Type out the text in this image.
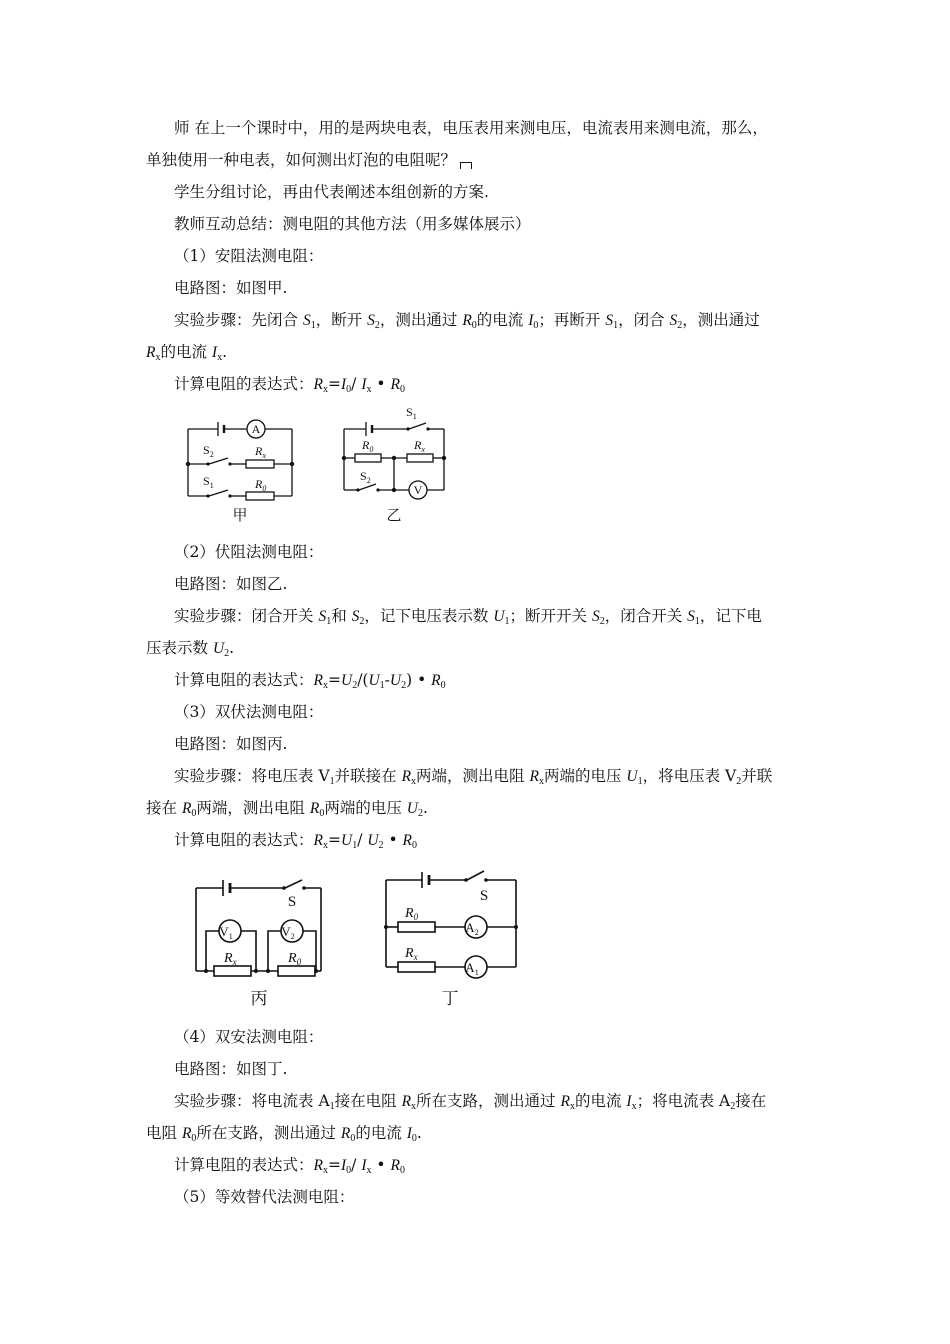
师 在上一个课时中，用的是两块电表，电压表用来测电压，电流表用来测电流，那么，
单独使用一种电表，如何测出灯泡的电阻呢？
学生分组讨论，再由代表阐述本组创新的方案.
教师互动总结：测电阻的其他方法（用多媒体展示）
（1）安阻法测电阻：
电路图：如图甲.
实验步骤：先闭合 $S_1$，断开 $S_2$，测出通过 $R_0$的电流 $I_0$；再断开 $S_1$，闭合 $S_2$，测出通过
$R_x$的电流 $I_x$.
计算电阻的表达式：$R_x=I_0/$ $I_x$ • $R_0$
A
$S_2$	$R_x$
$S_1$	$R_0$
甲
$S_1$
$R_0$	$R_x$
$S_2$
V
乙
（2）伏阻法测电阻：
电路图：如图乙.
实验步骤：闭合开关 $S_1$和 $S_2$，记下电压表示数 $U_1$；断开开关 $S_2$，闭合开关 $S_1$，记下电
压表示数 $U_2$.
计算电阻的表达式：$R_x=U_2/(U_1-U_2)$ • $R_0$
（3）双伏法测电阻：
电路图：如图丙.
实验步骤：将电压表 $V_1$并联接在 $R_x$两端，测出电阻 $R_x$两端的电压 $U_1$，将电压表 $V_2$并联
接在 $R_0$两端，测出电阻 $R_0$两端的电压 $U_2$.
计算电阻的表达式：$R_x=U_1/$ $U_2$ • $R_0$
S
$V_1$	$V_2$
$R_x$	$R_0$
丙
S
$R_0$
$A_2$
$R_x$
$A_1$
丁
（4）双安法测电阻：
电路图：如图丁.
实验步骤：将电流表 $A_1$接在电阻 $R_x$所在支路，测出通过 $R_x$的电流 $I_x$；将电流表 $A_2$接在
电阻 $R_0$所在支路，测出通过 $R_0$的电流 $I_0$.
计算电阻的表达式：$R_x=I_0/$ $I_x$ • $R_0$
（5）等效替代法测电阻：
